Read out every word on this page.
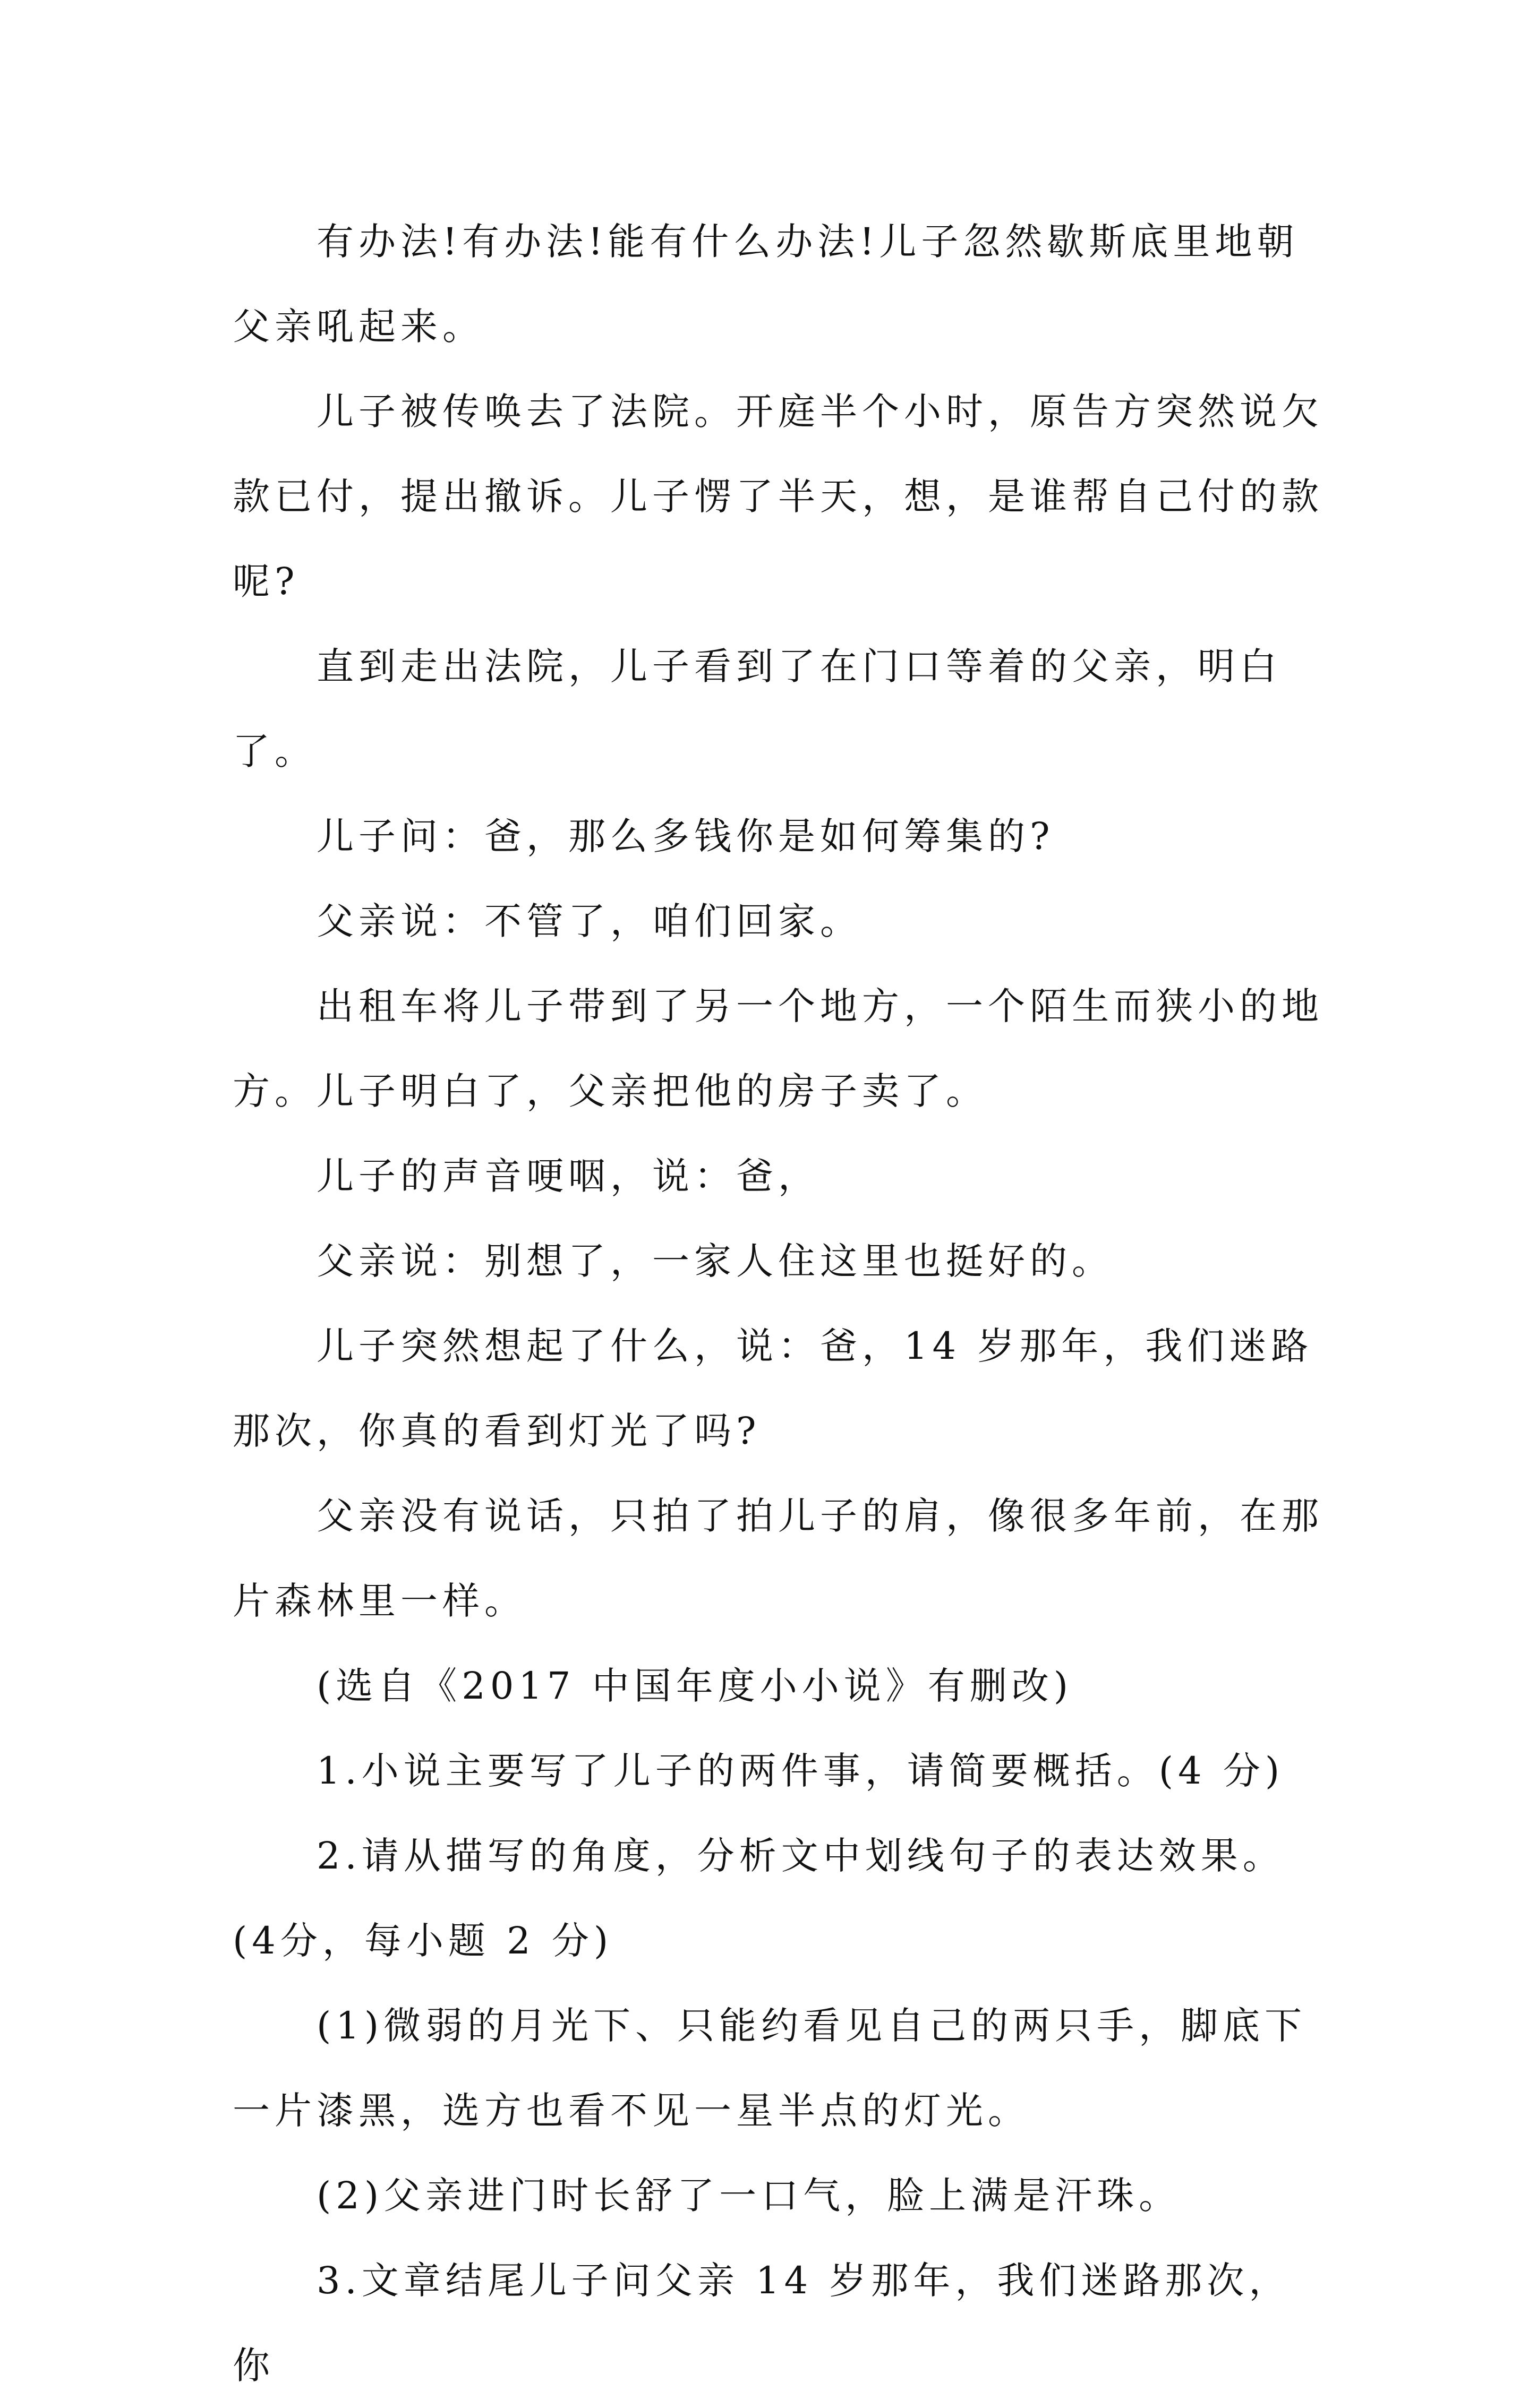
有办法!有办法!能有什么办法!儿子忽然歇斯底里地朝父亲吼起来。

儿子被传唤去了法院。开庭半个小时，原告方突然说欠款已付，提出撤诉。儿子愣了半天，想，是谁帮自己付的款呢?

直到走出法院，儿子看到了在门口等着的父亲，明白了。

儿子问：爸，那么多钱你是如何筹集的?

父亲说：不管了，咱们回家。

出租车将儿子带到了另一个地方，一个陌生而狭小的地方。儿子明白了，父亲把他的房子卖了。

儿子的声音哽咽，说：爸，

父亲说：别想了，一家人住这里也挺好的。

儿子突然想起了什么，说：爸，14 岁那年，我们迷路那次，你真的看到灯光了吗?

父亲没有说话，只拍了拍儿子的肩，像很多年前，在那片森林里一样。

(选自《2017 中国年度小小说》有删改)

1.小说主要写了儿子的两件事，请简要概括。(4 分)

2.请从描写的角度，分析文中划线句子的表达效果。(4分，每小题 2 分)

(1)微弱的月光下、只能约看见自己的两只手，脚底下一片漆黑，选方也看不见一星半点的灯光。

(2)父亲进门时长舒了一口气，脸上满是汗珠。

3.文章结尾儿子问父亲 14 岁那年，我们迷路那次，你
